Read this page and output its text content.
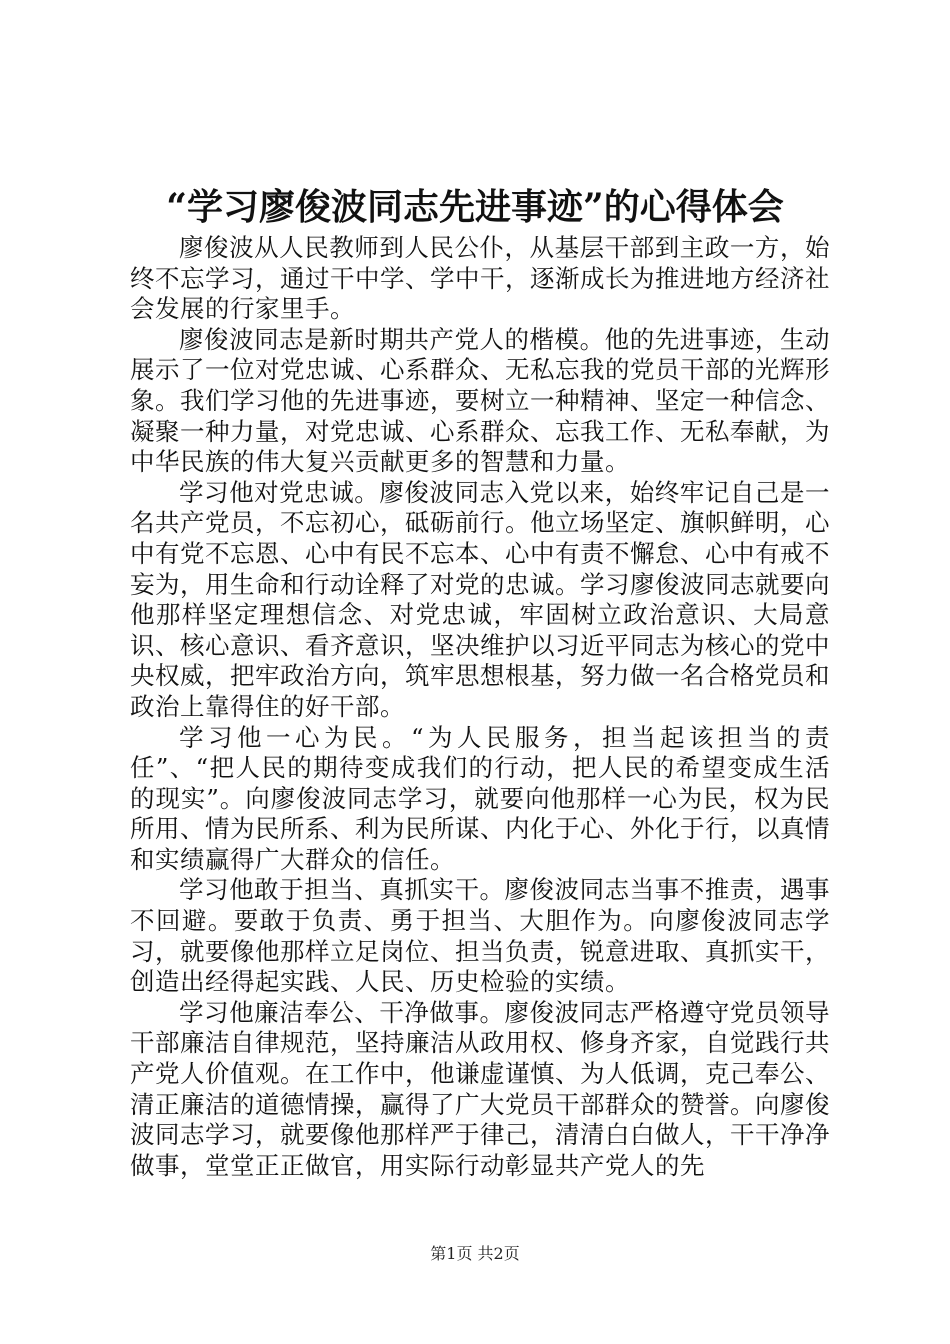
“学习廖俊波同志先进事迹”的心得体会

廖俊波从人民教师到人民公仆，从基层干部到主政一方，始终不忘学习，通过干中学、学中干，逐渐成长为推进地方经济社会发展的行家里手。

廖俊波同志是新时期共产党人的楷模。他的先进事迹，生动展示了一位对党忠诚、心系群众、无私忘我的党员干部的光辉形象。我们学习他的先进事迹，要树立一种精神、坚定一种信念、凝聚一种力量，对党忠诚、心系群众、忘我工作、无私奉献，为中华民族的伟大复兴贡献更多的智慧和力量。

学习他对党忠诚。廖俊波同志入党以来，始终牢记自己是一名共产党员，不忘初心，砥砺前行。他立场坚定、旗帜鲜明，心中有党不忘恩、心中有民不忘本、心中有责不懈怠、心中有戒不妄为，用生命和行动诠释了对党的忠诚。学习廖俊波同志就要向他那样坚定理想信念、对党忠诚，牢固树立政治意识、大局意识、核心意识、看齐意识，坚决维护以习近平同志为核心的党中央权威，把牢政治方向，筑牢思想根基，努力做一名合格党员和政治上靠得住的好干部。

学习他一心为民。“为人民服务，担当起该担当的责任”、“把人民的期待变成我们的行动，把人民的希望变成生活的现实”。向廖俊波同志学习，就要向他那样一心为民，权为民所用、情为民所系、利为民所谋、内化于心、外化于行，以真情和实绩赢得广大群众的信任。

学习他敢于担当、真抓实干。廖俊波同志当事不推责，遇事不回避。要敢于负责、勇于担当、大胆作为。向廖俊波同志学习，就要像他那样立足岗位、担当负责，锐意进取、真抓实干，创造出经得起实践、人民、历史检验的实绩。

学习他廉洁奉公、干净做事。廖俊波同志严格遵守党员领导干部廉洁自律规范，坚持廉洁从政用权、修身齐家，自觉践行共产党人价值观。在工作中，他谦虚谨慎、为人低调，克己奉公、清正廉洁的道德情操，赢得了广大党员干部群众的赞誉。向廖俊波同志学习，就要像他那样严于律己，清清白白做人，干干净净做事，堂堂正正做官，用实际行动彰显共产党人的先

第1页 共2页
